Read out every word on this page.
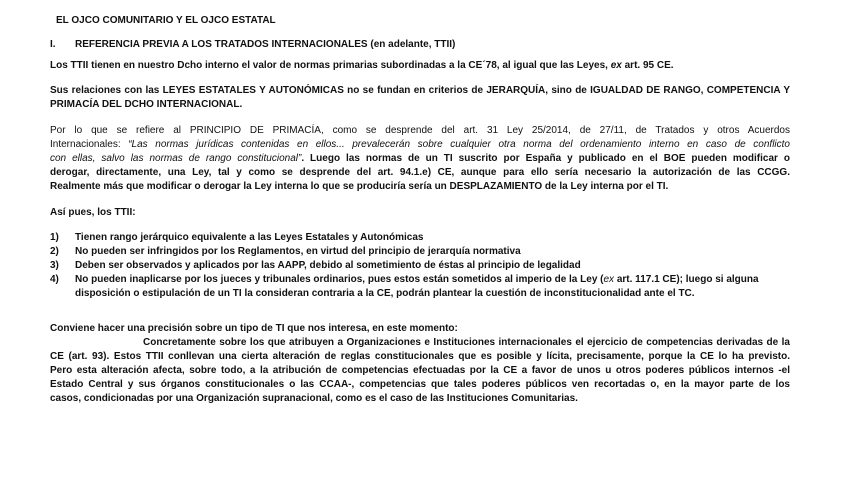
EL OJCO COMUNITARIO Y EL OJCO ESTATAL
I. REFERENCIA PREVIA A LOS TRATADOS INTERNACIONALES (en adelante, TTII)
Los TTII tienen en nuestro Dcho interno el valor de normas primarias subordinadas a la CE´78, al igual que las Leyes, ex art. 95 CE.
Sus relaciones con las LEYES ESTATALES Y AUTONÓMICAS no se fundan en criterios de JERARQUÍA, sino de IGUALDAD DE RANGO, COMPETENCIA Y
PRIMACÍA DEL DCHO INTERNACIONAL.
Por lo que se refiere al PRINCIPIO DE PRIMACÍA, como se desprende del art. 31 Ley 25/2014, de 27/11, de Tratados y otros Acuerdos
Internacionales: “Las normas jurídicas contenidas en ellos... prevalecerán sobre cualquier otra norma del ordenamiento interno en caso de conflicto
con ellas, salvo las normas de rango constitucional”. Luego las normas de un TI suscrito por España y publicado en el BOE pueden modificar o
derogar, directamente, una Ley, tal y como se desprende del art. 94.1.e) CE, aunque para ello sería necesario la autorización de las CCGG.
Realmente más que modificar o derogar la Ley interna lo que se produciría sería un DESPLAZAMIENTO de la Ley interna por el TI.
Así pues, los TTII:
1) Tienen rango jerárquico equivalente a las Leyes Estatales y Autonómicas
2) No pueden ser infringidos por los Reglamentos, en virtud del principio de jerarquía normativa
3) Deben ser observados y aplicados por las AAPP, debido al sometimiento de éstas al principio de legalidad
4) No pueden inaplicarse por los jueces y tribunales ordinarios, pues estos están sometidos al imperio de la Ley (ex art. 117.1 CE); luego si alguna
disposición o estipulación de un TI la consideran contraria a la CE, podrán plantear la cuestión de inconstitucionalidad ante el TC.
Conviene hacer una precisión sobre un tipo de TI que nos interesa, en este momento:
Concretamente sobre los que atribuyen a Organizaciones e Instituciones internacionales el ejercicio de competencias derivadas de la
CE (art. 93). Estos TTII conllevan una cierta alteración de reglas constitucionales que es posible y lícita, precisamente, porque la CE lo ha previsto.
Pero esta alteración afecta, sobre todo, a la atribución de competencias efectuadas por la CE a favor de unos u otros poderes públicos internos -el
Estado Central y sus órganos constitucionales o las CCAA-, competencias que tales poderes públicos ven recortadas o, en la mayor parte de los
casos, condicionadas por una Organización supranacional, como es el caso de las Instituciones Comunitarias.
